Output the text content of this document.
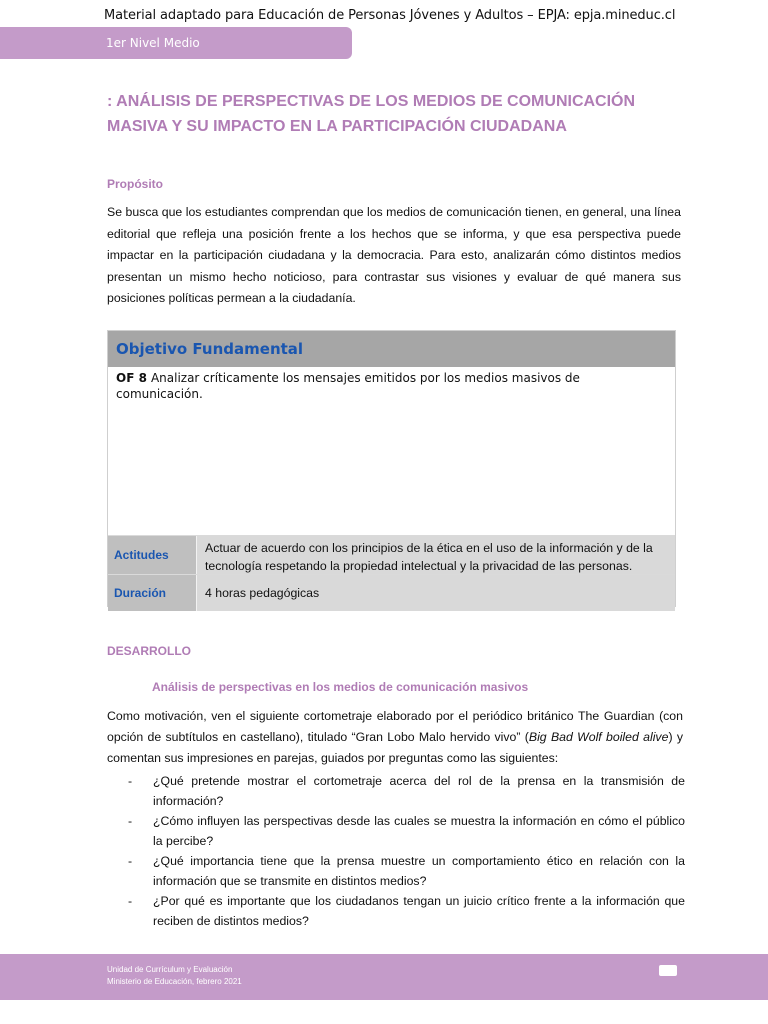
Material adaptado para Educación de Personas Jóvenes y Adultos – EPJA: epja.mineduc.cl
1er Nivel Medio
: ANÁLISIS DE PERSPECTIVAS DE LOS MEDIOS DE COMUNICACIÓN MASIVA Y SU IMPACTO EN LA PARTICIPACIÓN CIUDADANA
Propósito

Se busca que los estudiantes comprendan que los medios de comunicación tienen, en general, una línea editorial que refleja una posición frente a los hechos que se informa, y que esa perspectiva puede impactar en la participación ciudadana y la democracia. Para esto, analizarán cómo distintos medios presentan un mismo hecho noticioso, para contrastar sus visiones y evaluar de qué manera sus posiciones políticas permean a la ciudadanía.

Objetivo Fundamental
OF 8 Analizar críticamente los mensajes emitidos por los medios masivos de comunicación.
Actitudes	Actuar de acuerdo con los principios de la ética en el uso de la información y de la tecnología respetando la propiedad intelectual y la privacidad de las personas.
Duración	4 horas pedagógicas
DESARROLLO
Análisis de perspectivas en los medios de comunicación masivos

Como motivación, ven el siguiente cortometraje elaborado por el periódico británico The Guardian (con opción de subtítulos en castellano), titulado “Gran Lobo Malo hervido vivo” (Big Bad Wolf boiled alive) y comentan sus impresiones en parejas, guiados por preguntas como las siguientes:

- ¿Qué pretende mostrar el cortometraje acerca del rol de la prensa en la transmisión de información?
- ¿Cómo influyen las perspectivas desde las cuales se muestra la información en cómo el público la percibe?
- ¿Qué importancia tiene que la prensa muestre un comportamiento ético en relación con la información que se transmite en distintos medios?
- ¿Por qué es importante que los ciudadanos tengan un juicio crítico frente a la información que reciben de distintos medios?
Unidad de Currículum y Evaluación
Ministerio de Educación, febrero 2021
